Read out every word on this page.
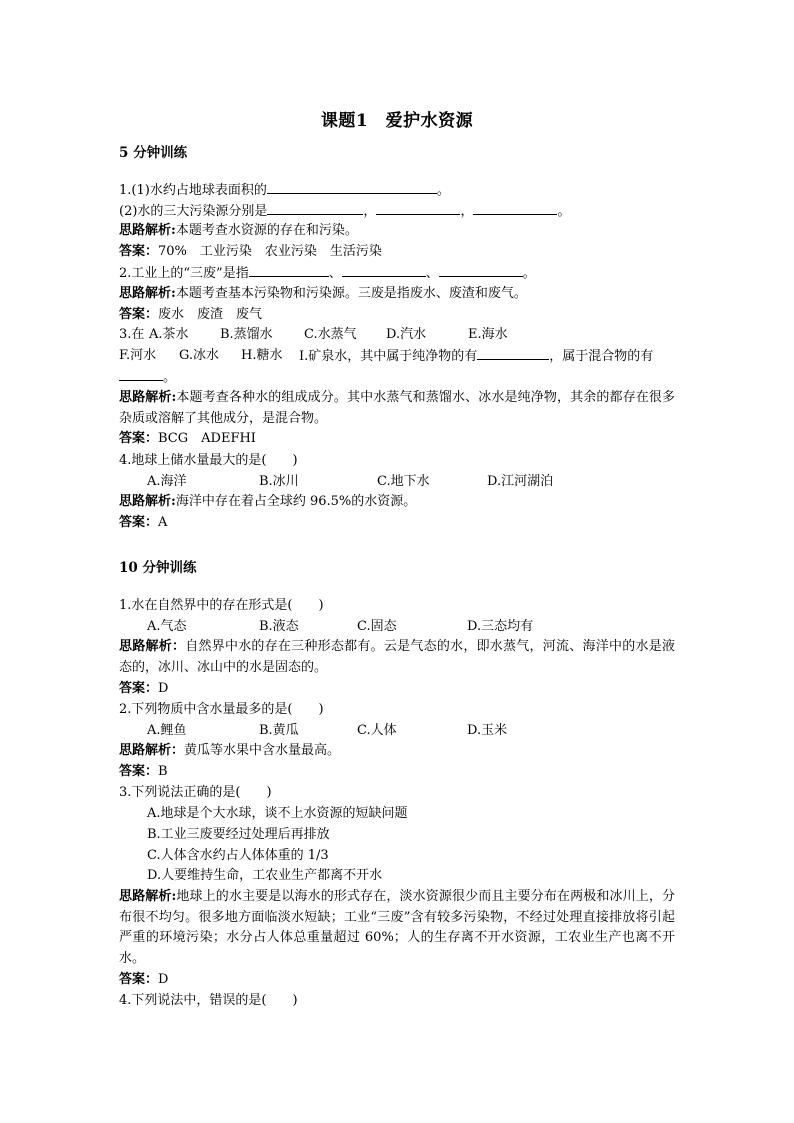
课题1　爱护水资源
5 分钟训练
1.(1)水约占地球表面积的	。
(2)水的三大污染源分别是	，	，	。
思路解析:本题考查水资源的存在和污染。
答案：70%　工业污染　农业污染　生活污染
2.工业上的“三废”是指	、	、	。
思路解析:本题考查基本污染物和污染源。三废是指废水、废渣和废气。
答案：废水　废渣　废气
3.在 A.茶水 B.蒸馏水 C.水蒸气 D.汽水	E.海水
F.河水 G.冰水 H.糖水 I.矿泉水，其中属于纯净物的有	，属于混合物的有
。
思路解析:本题考查各种水的组成成分。其中水蒸气和蒸馏水、冰水是纯净物，其余的都存在很多杂质或溶解了其他成分，是混合物。
答案：BCG　ADEFHI
4.地球上储水量最大的是(　　)
A.海洋	B.冰川	C.地下水	D.江河湖泊
思路解析:海洋中存在着占全球约 96.5%的水资源。
答案：A
10 分钟训练
1.水在自然界中的存在形式是(　　)
A.气态	B.液态	C.固态	D.三态均有
思路解析：自然界中水的存在三种形态都有。云是气态的水，即水蒸气，河流、海洋中的水是液态的，冰川、冰山中的水是固态的。
答案：D
2.下列物质中含水量最多的是(　　)
A.鲤鱼	B.黄瓜	C.人体	D.玉米
思路解析：黄瓜等水果中含水量最高。
答案：B
3.下列说法正确的是(　　)
A.地球是个大水球，谈不上水资源的短缺问题
B.工业三废要经过处理后再排放
C.人体含水约占人体体重的 1/3
D.人要维持生命，工农业生产都离不开水
思路解析:地球上的水主要是以海水的形式存在，淡水资源很少而且主要分布在两极和冰川上，分布很不均匀。很多地方面临淡水短缺；工业“三废”含有较多污染物，不经过处理直接排放将引起严重的环境污染；水分占人体总重量超过 60%；人的生存离不开水资源，工农业生产也离不开水。
答案：D
4.下列说法中，错误的是(　　)
